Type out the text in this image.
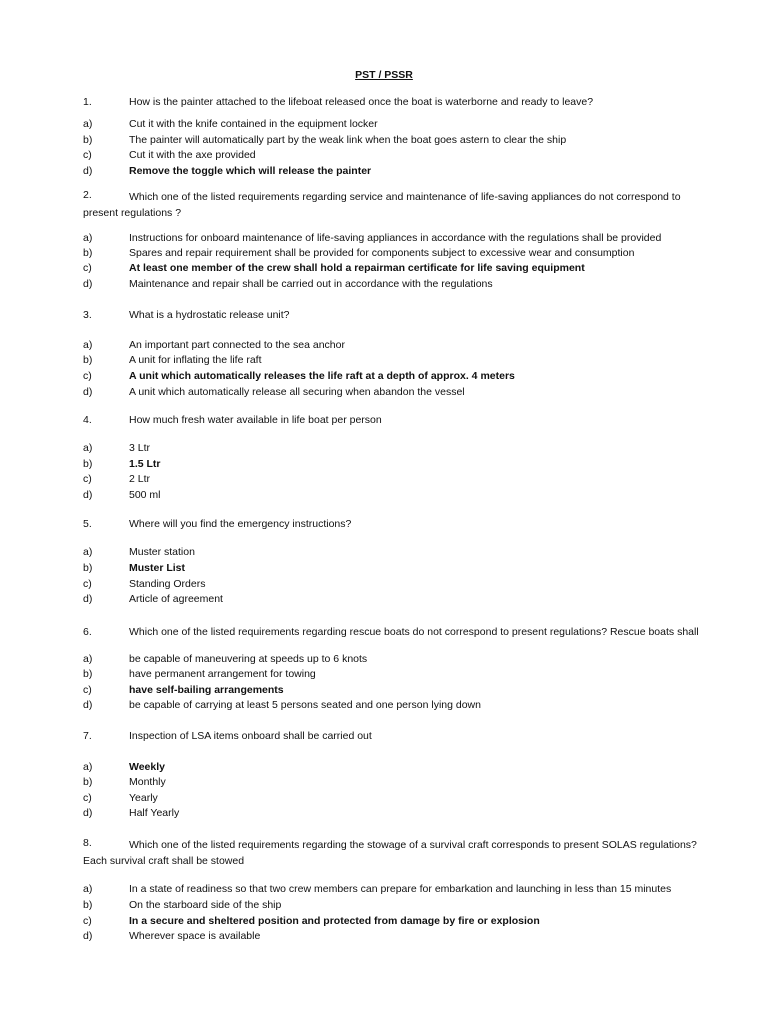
PST / PSSR
1.	How is the painter attached to the lifeboat released once the boat is waterborne and ready to leave?
a)	Cut it with the knife contained in the equipment locker
b)	The painter will automatically part by the weak link when the boat goes astern to clear the ship
c)	Cut it with the axe provided
d)	Remove the toggle which will release the painter
2.	Which one of the listed requirements regarding service and maintenance of life-saving appliances do not correspond to present regulations ?
a)	Instructions for onboard maintenance of life-saving appliances in accordance with the regulations shall be provided
b)	Spares and repair requirement shall be provided for components subject to excessive wear and consumption
c)	At least one member of the crew shall hold a repairman certificate for life saving equipment
d)	Maintenance and repair shall be carried out in accordance with the regulations
3.	What is a hydrostatic release unit?
a)	An important part connected to the sea anchor
b)	A unit for inflating the life raft
c)	A unit which automatically releases the life raft at a depth of approx. 4 meters
d)	A unit which automatically release all securing when abandon the vessel
4.	How much fresh water available in life boat per person
a)	3 Ltr
b)	1.5 Ltr
c)	2 Ltr
d)	500 ml
5.	Where will you find the emergency instructions?
a)	Muster station
b)	Muster List
c)	Standing Orders
d)	Article of agreement
6.	Which one of the listed requirements regarding rescue boats do not correspond to present regulations? Rescue boats shall
a)	be capable of maneuvering at speeds up to 6 knots
b)	have permanent arrangement for towing
c)	have self-bailing arrangements
d)	be capable of carrying at least 5 persons seated and one person lying down
7.	Inspection of LSA items onboard shall be carried out
a)	Weekly
b)	Monthly
c)	Yearly
d)	Half Yearly
8.	Which one of the listed requirements regarding the stowage of a survival craft corresponds to present SOLAS regulations? Each survival craft shall be stowed
a)	In a state of readiness so that two crew members can prepare for embarkation and launching in less than 15 minutes
b)	On the starboard side of the ship
c)	In a secure and sheltered position and protected from damage by fire or explosion
d)	Wherever space is available
